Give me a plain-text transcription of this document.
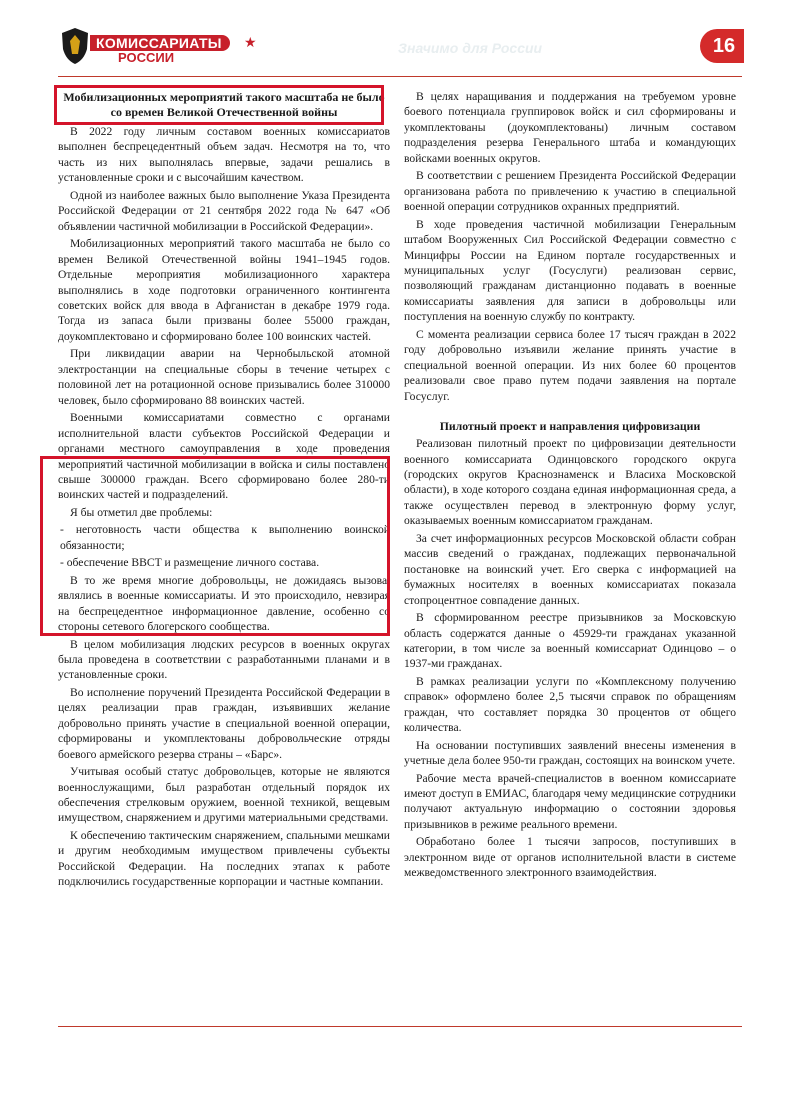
КОМИССАРИАТЫ	★
РОССИИ
Значимо для России	16
Мобилизационных мероприятий такого масштаба не было со времен Великой Отечественной войны

В 2022 году личным составом военных комиссариатов выполнен беспрецедентный объем задач. Несмотря на то, что часть из них выполнялась впервые, задачи решались в установленные сроки и с высочайшим качеством.

Одной из наиболее важных было выполнение Указа Президента Российской Федерации от 21 сентября 2022 года № 647 «Об объявлении частичной мобилизации в Российской Федерации».

Мобилизационных мероприятий такого масштаба не было со времен Великой Отечественной войны 1941–1945 годов. Отдельные мероприятия мобилизационного характера выполнялись в ходе подготовки ограниченного контингента советских войск для ввода в Афганистан в декабре 1979 года. Тогда из запаса были призваны более 55000 граждан, доукомплектовано и сформировано более 100 воинских частей.

При ликвидации аварии на Чернобыльской атомной электростанции на специальные сборы в течение четырех с половиной лет на ротационной основе призывались более 310000 человек, было сформировано 88 воинских частей.

Военными комиссариатами совместно с органами исполнительной власти субъектов Российской Федерации и органами местного самоуправления в ходе проведения мероприятий частичной мобилизации в войска и силы поставлено свыше 300000 граждан. Всего сформировано более 280-ти воинских частей и подразделений.

Я бы отметил две проблемы:

- неготовность части общества к выполнению воинской обязанности;

- обеспечение ВВСТ и размещение личного состава.

В то же время многие добровольцы, не дожидаясь вызова, являлись в военные комиссариаты. И это происходило, невзирая на беспрецедентное информационное давление, особенно со стороны сетевого блогерского сообщества.

В целом мобилизация людских ресурсов в военных округах была проведена в соответствии с разработанными планами и в установленные сроки.

Во исполнение поручений Президента Российской Федерации в целях реализации прав граждан, изъявивших желание добровольно принять участие в специальной военной операции, сформированы и укомплектованы добровольческие отряды боевого армейского резерва страны – «Барс».

Учитывая особый статус добровольцев, которые не являются военнослужащими, был разработан отдельный порядок их обеспечения стрелковым оружием, военной техникой, вещевым имуществом, снаряжением и другими материальными средствами.

К обеспечению тактическим снаряжением, спальными мешками и другим необходимым имуществом привлечены субъекты Российской Федерации. На последних этапах к работе подключились государственные корпорации и частные компании.

В целях наращивания и поддержания на требуемом уровне боевого потенциала группировок войск и сил сформированы и укомплектованы (доукомплектованы) личным составом подразделения резерва Генерального штаба и командующих войсками военных округов.

В соответствии с решением Президента Российской Федерации организована работа по привлечению к участию в специальной военной операции сотрудников охранных предприятий.

В ходе проведения частичной мобилизации Генеральным штабом Вооруженных Сил Российской Федерации совместно с Минцифры России на Едином портале государственных и муниципальных услуг (Госуслуги) реализован сервис, позволяющий гражданам дистанционно подавать в военные комиссариаты заявления для записи в добровольцы или поступления на военную службу по контракту.

С момента реализации сервиса более 17 тысяч граждан в 2022 году добровольно изъявили желание принять участие в специальной военной операции. Из них более 60 процентов реализовали свое право путем подачи заявления на портале Госуслуг.

Пилотный проект и направления цифровизации

Реализован пилотный проект по цифровизации деятельности военного комиссариата Одинцовского городского округа (городских округов Краснознаменск и Власиха Московской области), в ходе которого создана единая информационная среда, а также осуществлен перевод в электронную форму услуг, оказываемых военным комиссариатом гражданам.

За счет информационных ресурсов Московской области собран массив сведений о гражданах, подлежащих первоначальной постановке на воинский учет. Его сверка с информацией на бумажных носителях в военных комиссариатах показала стопроцентное совпадение данных.

В сформированном реестре призывников за Московскую область содержатся данные о 45929-ти гражданах указанной категории, в том числе за военный комиссариат Одинцово – о 1937-ми гражданах.

В рамках реализации услуги по «Комплексному получению справок» оформлено более 2,5 тысячи справок по обращениям граждан, что составляет порядка 30 процентов от общего количества.

На основании поступивших заявлений внесены изменения в учетные дела более 950-ти граждан, состоящих на воинском учете.

Рабочие места врачей-специалистов в военном комиссариате имеют доступ в ЕМИАС, благодаря чему медицинские сотрудники получают актуальную информацию о состоянии здоровья призывников в режиме реального времени.

Обработано более 1 тысячи запросов, поступивших в электронном виде от органов исполнительной власти в системе межведомственного электронного взаимодействия.
